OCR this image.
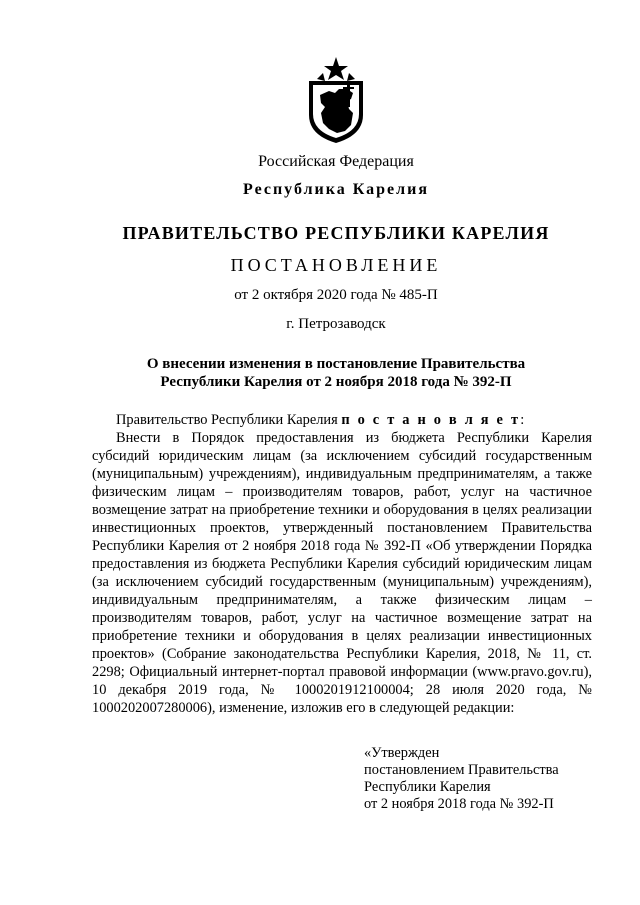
Российская Федерация
Республика Карелия
ПРАВИТЕЛЬСТВО РЕСПУБЛИКИ КАРЕЛИЯ
ПОСТАНОВЛЕНИЕ
от 2 октября 2020 года № 485-П
г. Петрозаводск
О внесении изменения в постановление Правительства
Республики Карелия от 2 ноября 2018 года № 392-П

Правительство Республики Карелия п о с т а н о в л я е т:

Внести в Порядок предоставления из бюджета Республики Карелия субсидий юридическим лицам (за исключением субсидий государственным (муниципальным) учреждениям), индивидуальным предпринимателям, а также физическим лицам – производителям товаров, работ, услуг на частичное возмещение затрат на приобретение техники и оборудования в целях реализации инвестиционных проектов, утвержденный постановлением Правительства Республики Карелия от 2 ноября 2018 года № 392-П «Об утверждении Порядка предоставления из бюджета Республики Карелия субсидий юридическим лицам (за исключением субсидий государственным (муниципальным) учреждениям), индивидуальным предпринимателям, а также физическим лицам – производителям товаров, работ, услуг на частичное возмещение затрат на приобретение техники и оборудования в целях реализации инвестиционных проектов» (Собрание законодательства Республики Карелия, 2018, № 11, ст. 2298; Официальный интернет-портал правовой информации (www.pravo.gov.ru), 10 декабря 2019 года, № 1000201912100004; 28 июля 2020 года, № 1000202007280006), изменение, изложив его в следующей редакции:

«Утвержден
постановлением Правительства
Республики Карелия
от 2 ноября 2018 года № 392-П
